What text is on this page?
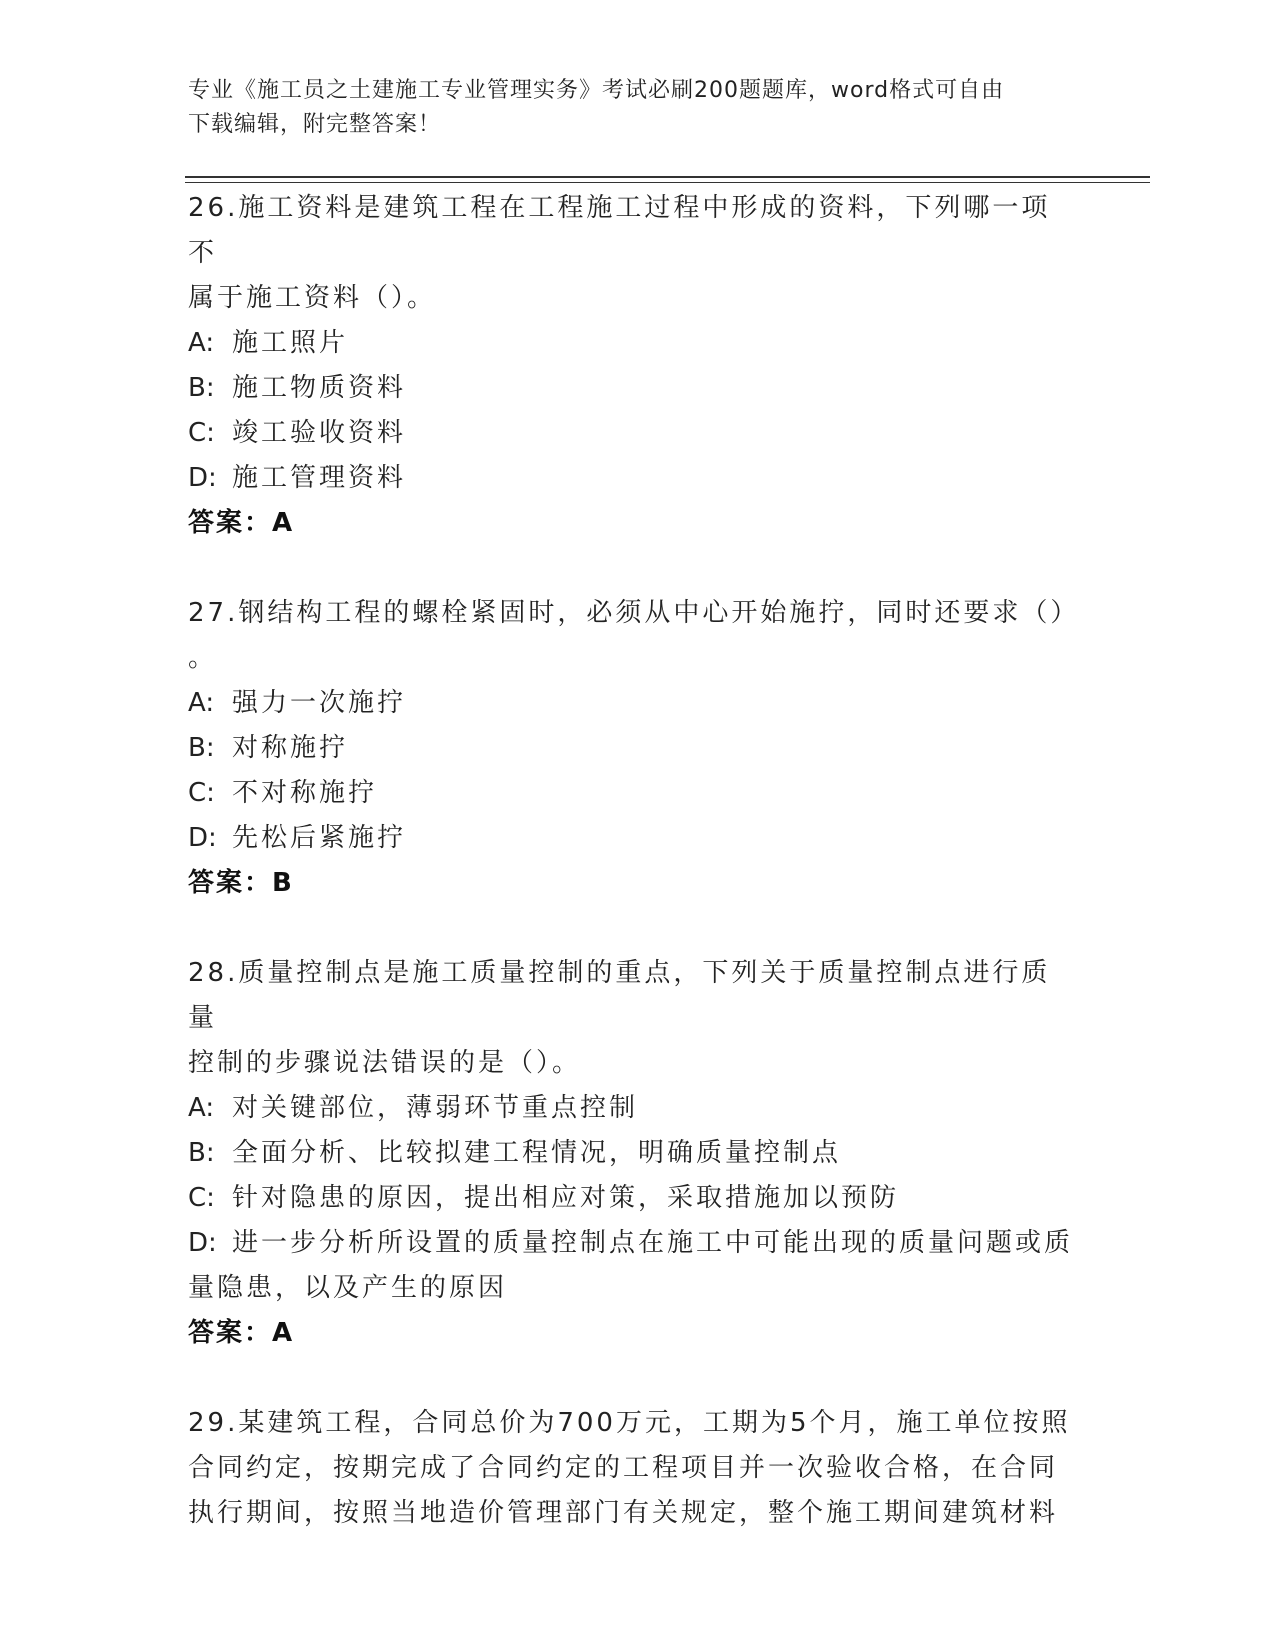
专业《施工员之土建施工专业管理实务》考试必刷200题题库，word格式可自由
下载编辑，附完整答案！

26.施工资料是建筑工程在工程施工过程中形成的资料，下列哪一项不

属于施工资料（）。

A: 施工照片

B: 施工物质资料

C: 竣工验收资料

D: 施工管理资料

答案：A

27.钢结构工程的螺栓紧固时，必须从中心开始施拧，同时还要求（）

。

A: 强力一次施拧

B: 对称施拧

C: 不对称施拧

D: 先松后紧施拧

答案：B

28.质量控制点是施工质量控制的重点，下列关于质量控制点进行质量

控制的步骤说法错误的是（）。

A: 对关键部位，薄弱环节重点控制

B: 全面分析、比较拟建工程情况，明确质量控制点

C: 针对隐患的原因，提出相应对策，采取措施加以预防

D: 进一步分析所设置的质量控制点在施工中可能出现的质量问题或质

量隐患，以及产生的原因

答案：A

29.某建筑工程，合同总价为700万元，工期为5个月，施工单位按照

合同约定，按期完成了合同约定的工程项目并一次验收合格，在合同

执行期间，按照当地造价管理部门有关规定，整个施工期间建筑材料
